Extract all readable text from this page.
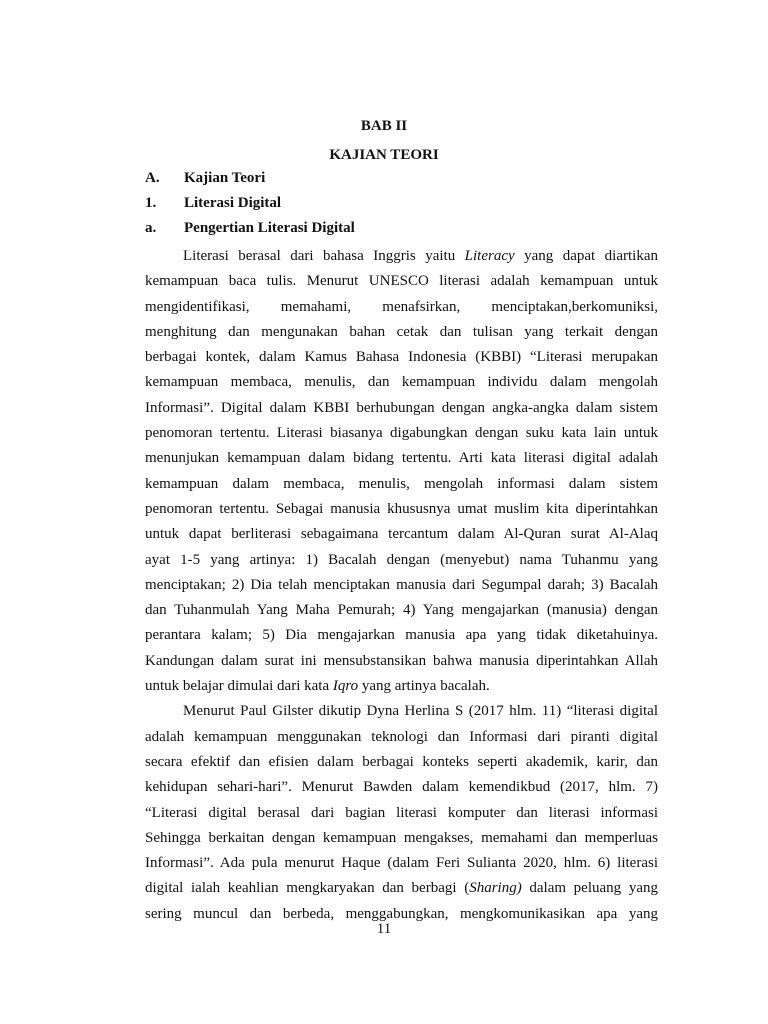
BAB II
KAJIAN TEORI
A. Kajian Teori
1. Literasi Digital
a. Pengertian Literasi Digital
Literasi berasal dari bahasa Inggris yaitu Literacy yang dapat diartikan
kemampuan baca tulis. Menurut UNESCO literasi adalah kemampuan untuk
mengidentifikasi, memahami, menafsirkan, menciptakan,berkomuniksi,
menghitung dan mengunakan bahan cetak dan tulisan yang terkait dengan
berbagai kontek, dalam Kamus Bahasa Indonesia (KBBI) “Literasi merupakan
kemampuan membaca, menulis, dan kemampuan individu dalam mengolah
Informasi”. Digital dalam KBBI berhubungan dengan angka-angka dalam sistem
penomoran tertentu. Literasi biasanya digabungkan dengan suku kata lain untuk
menunjukan kemampuan dalam bidang tertentu. Arti kata literasi digital adalah
kemampuan dalam membaca, menulis, mengolah informasi dalam sistem
penomoran tertentu. Sebagai manusia khususnya umat muslim kita diperintahkan
untuk dapat berliterasi sebagaimana tercantum dalam Al-Quran surat Al-Alaq
ayat 1-5 yang artinya: 1) Bacalah dengan (menyebut) nama Tuhanmu yang
menciptakan; 2) Dia telah menciptakan manusia dari Segumpal darah; 3) Bacalah
dan Tuhanmulah Yang Maha Pemurah; 4) Yang mengajarkan (manusia) dengan
perantara kalam; 5) Dia mengajarkan manusia apa yang tidak diketahuinya.
Kandungan dalam surat ini mensubstansikan bahwa manusia diperintahkan Allah
untuk belajar dimulai dari kata Iqro yang artinya bacalah.
Menurut Paul Gilster dikutip Dyna Herlina S (2017 hlm. 11) “literasi digital
adalah kemampuan menggunakan teknologi dan Informasi dari piranti digital
secara efektif dan efisien dalam berbagai konteks seperti akademik, karir, dan
kehidupan sehari-hari”. Menurut Bawden dalam kemendikbud (2017, hlm. 7)
“Literasi digital berasal dari bagian literasi komputer dan literasi informasi
Sehingga berkaitan dengan kemampuan mengakses, memahami dan memperluas
Informasi”. Ada pula menurut Haque (dalam Feri Sulianta 2020, hlm. 6) literasi
digital ialah keahlian mengkaryakan dan berbagi (Sharing) dalam peluang yang
sering muncul dan berbeda, menggabungkan, mengkomunikasikan apa yang
11
